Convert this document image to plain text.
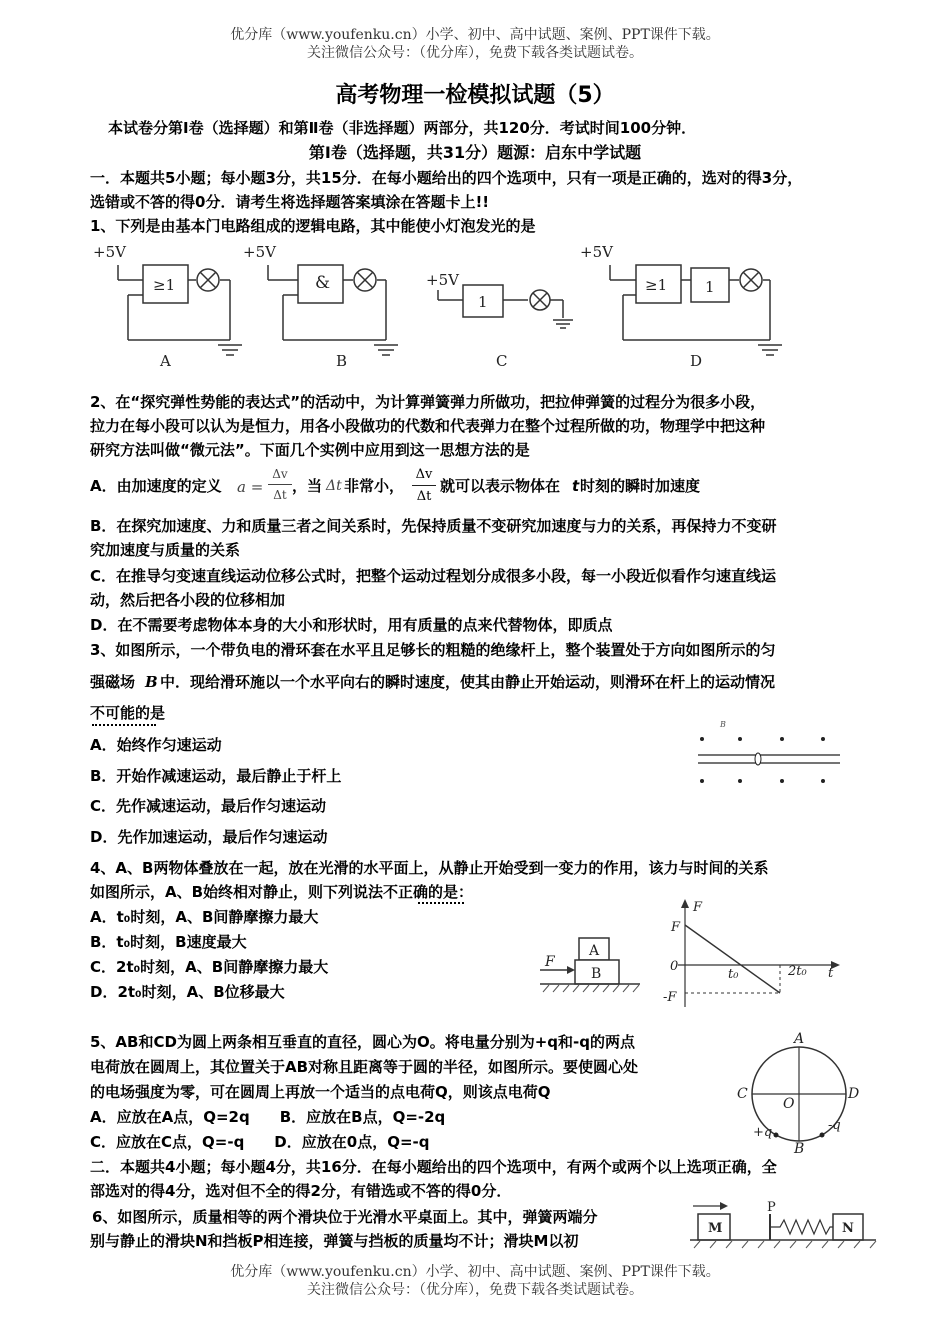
优分库（www.youfenku.cn）小学、初中、高中试题、案例、PPT课件下载。
关注微信公众号：（优分库），免费下载各类试题试卷。
高考物理一检模拟试题（5）
本试卷分第Ⅰ卷（选择题）和第Ⅱ卷（非选择题）两部分，共120分．考试时间100分钟．
第Ⅰ卷（选择题，共31分）题源：启东中学试题
一．本题共5小题；每小题3分，共15分．在每小题给出的四个选项中，只有一项是正确的，选对的得3分，
选错或不答的得0分．请考生将选择题答案填涂在答题卡上!!
1、下列是由基本门电路组成的逻辑电路，其中能使小灯泡发光的是
+5V	+5V
+5V
+5V
≥1	&
1
≥1	1
A	B	C	D
2、在“探究弹性势能的表达式”的活动中，为计算弹簧弹力所做功，把拉伸弹簧的过程分为很多小段，
拉力在每小段可以认为是恒力，用各小段做功的代数和代表弹力在整个过程所做的功，物理学中把这种
研究方法叫做“微元法”。下面几个实例中应用到这一思想方法的是
A．由加速度的定义 a =
Δv
Δt ，当 Δt 非常小，
Δv
Δt
就可以表示物体在 t 时刻的瞬时加速度
B．在探究加速度、力和质量三者之间关系时，先保持质量不变研究加速度与力的关系，再保持力不变研
究加速度与质量的关系
C．在推导匀变速直线运动位移公式时，把整个运动过程划分成很多小段，每一小段近似看作匀速直线运
动，然后把各小段的位移相加
D．在不需要考虑物体本身的大小和形状时，用有质量的点来代替物体，即质点
3、如图所示，一个带负电的滑环套在水平且足够长的粗糙的绝缘杆上，整个装置处于方向如图所示的匀
强磁场 B 中．现给滑环施以一个水平向右的瞬时速度，使其由静止开始运动，则滑环在杆上的运动情况
不可能的是
A．始终作匀速运动
B．开始作减速运动，最后静止于杆上
C．先作减速运动，最后作匀速运动
D．先作加速运动，最后作匀速运动
B
4、A、B两物体叠放在一起，放在光滑的水平面上，从静止开始受到一变力的作用，该力与时间的关系
如图所示，A、B始终相对静止，则下列说法不正确的是：
A．t₀时刻，A、B间静摩擦力最大
B．t₀时刻，B速度最大
C．2t₀时刻，A、B间静摩擦力最大
D．2t₀时刻，A、B位移最大
A
B
F
F
F
0
t₀	2t₀ t
-F
5、AB和CD为圆上两条相互垂直的直径，圆心为O。将电量分别为+q和-q的两点
电荷放在圆周上，其位置关于AB对称且距离等于圆的半径，如图所示。要使圆心处
的电场强度为零，可在圆周上再放一个适当的点电荷Q，则该点电荷Q
A．应放在A点，Q=2q　　B．应放在B点，Q=-2q
C．应放在C点，Q=-q　　D．应放在0点，Q=-q
A
B
C	D
O
+q	-q
二．本题共4小题；每小题4分，共16分．在每小题给出的四个选项中，有两个或两个以上选项正确，全
部选对的得4分，选对但不全的得2分，有错选或不答的得0分．
6、如图所示，质量相等的两个滑块位于光滑水平桌面上。其中，弹簧两端分
别与静止的滑块N和挡板P相连接，弹簧与挡板的质量均不计；滑块M以初
M	N
P
优分库（www.youfenku.cn）小学、初中、高中试题、案例、PPT课件下载。
关注微信公众号：（优分库），免费下载各类试题试卷。
